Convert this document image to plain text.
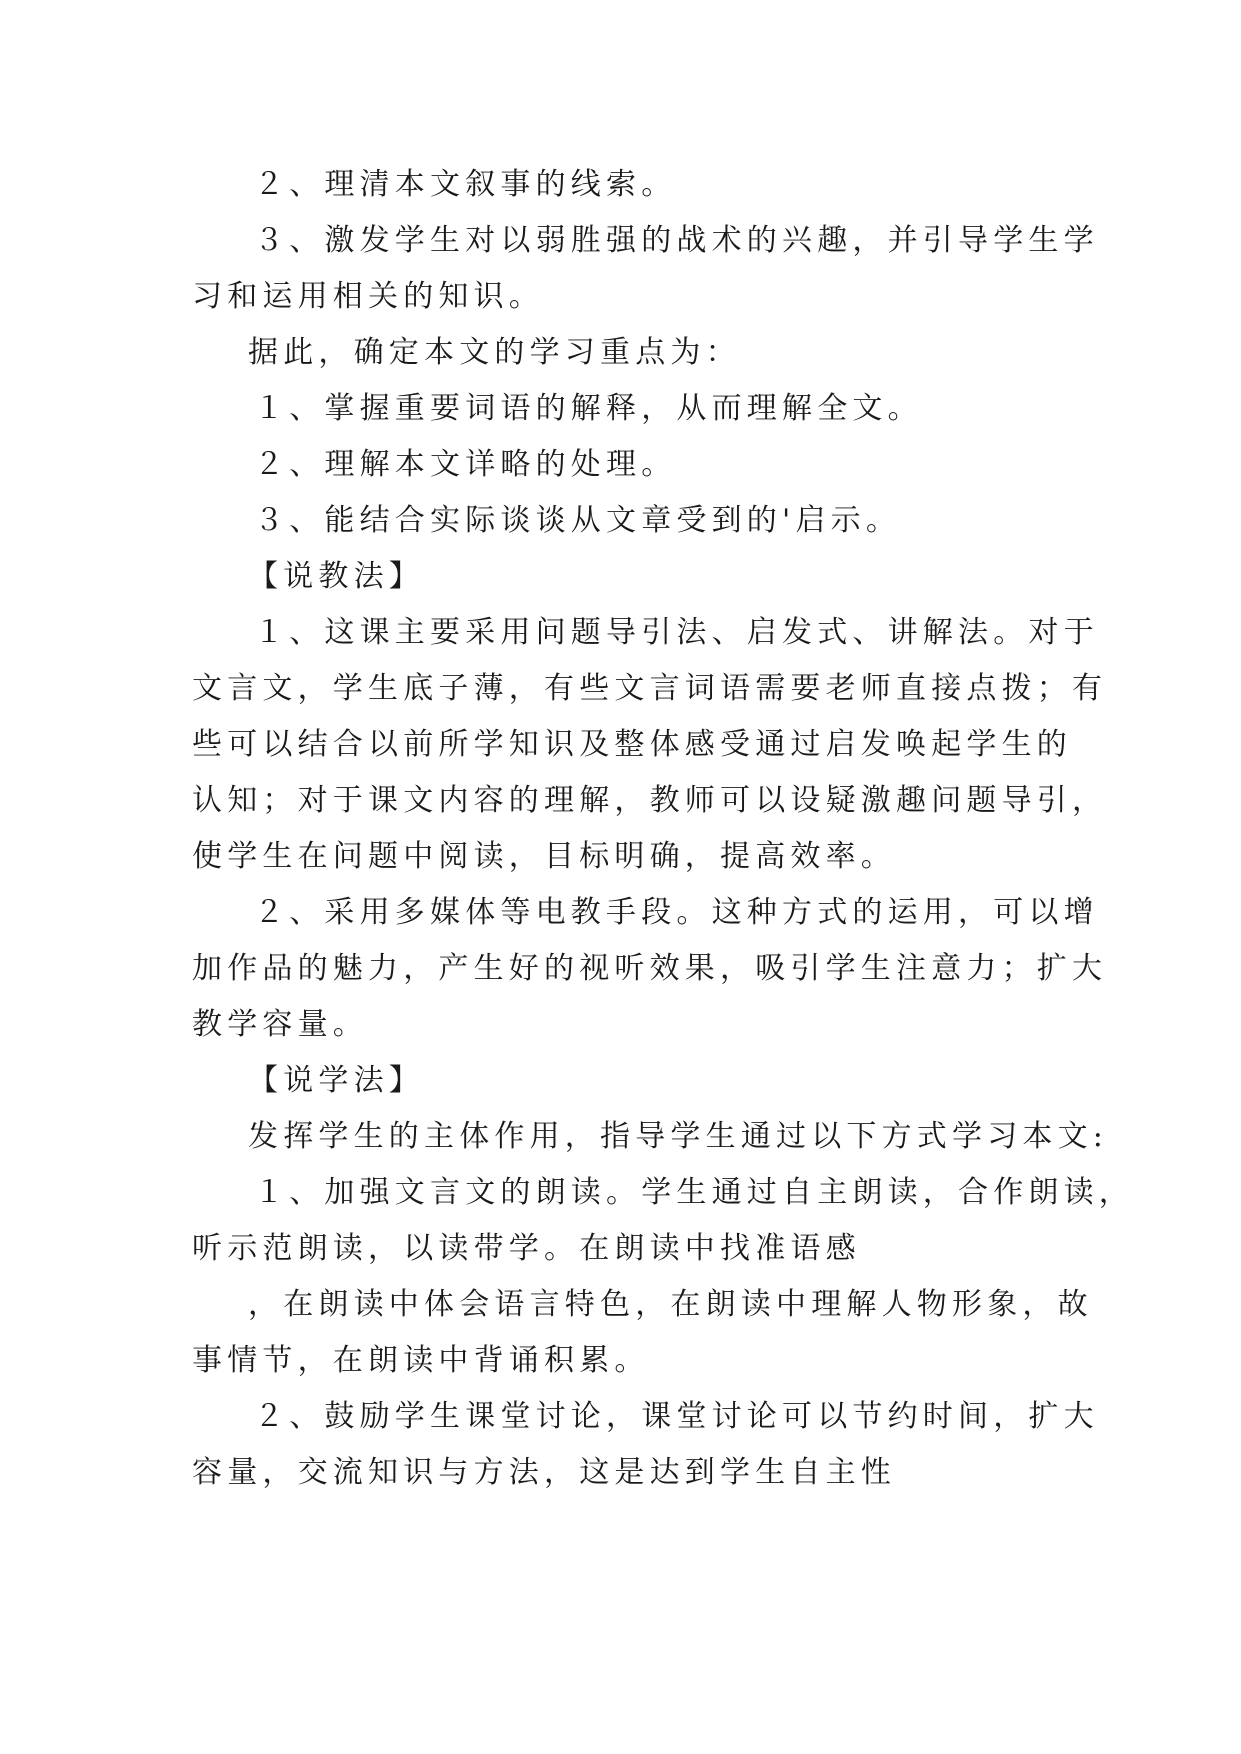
２、理清本文叙事的线索。
３、激发学生对以弱胜强的战术的兴趣，并引导学生学
习和运用相关的知识。
据此，确定本文的学习重点为：
１、掌握重要词语的解释，从而理解全文。
２、理解本文详略的处理。
３、能结合实际谈谈从文章受到的'启示。
【说教法】
１、这课主要采用问题导引法、启发式、讲解法。对于
文言文，学生底子薄，有些文言词语需要老师直接点拨；有
些可以结合以前所学知识及整体感受通过启发唤起学生的
认知；对于课文内容的理解，教师可以设疑激趣问题导引，
使学生在问题中阅读，目标明确，提高效率。
２、采用多媒体等电教手段。这种方式的运用，可以增
加作品的魅力，产生好的视听效果，吸引学生注意力；扩大
教学容量。
【说学法】
发挥学生的主体作用，指导学生通过以下方式学习本文:
１、加强文言文的朗读。学生通过自主朗读，合作朗读，
听示范朗读，以读带学。在朗读中找准语感
，在朗读中体会语言特色，在朗读中理解人物形象，故
事情节，在朗读中背诵积累。
２、鼓励学生课堂讨论，课堂讨论可以节约时间，扩大
容量，交流知识与方法，这是达到学生自主性
